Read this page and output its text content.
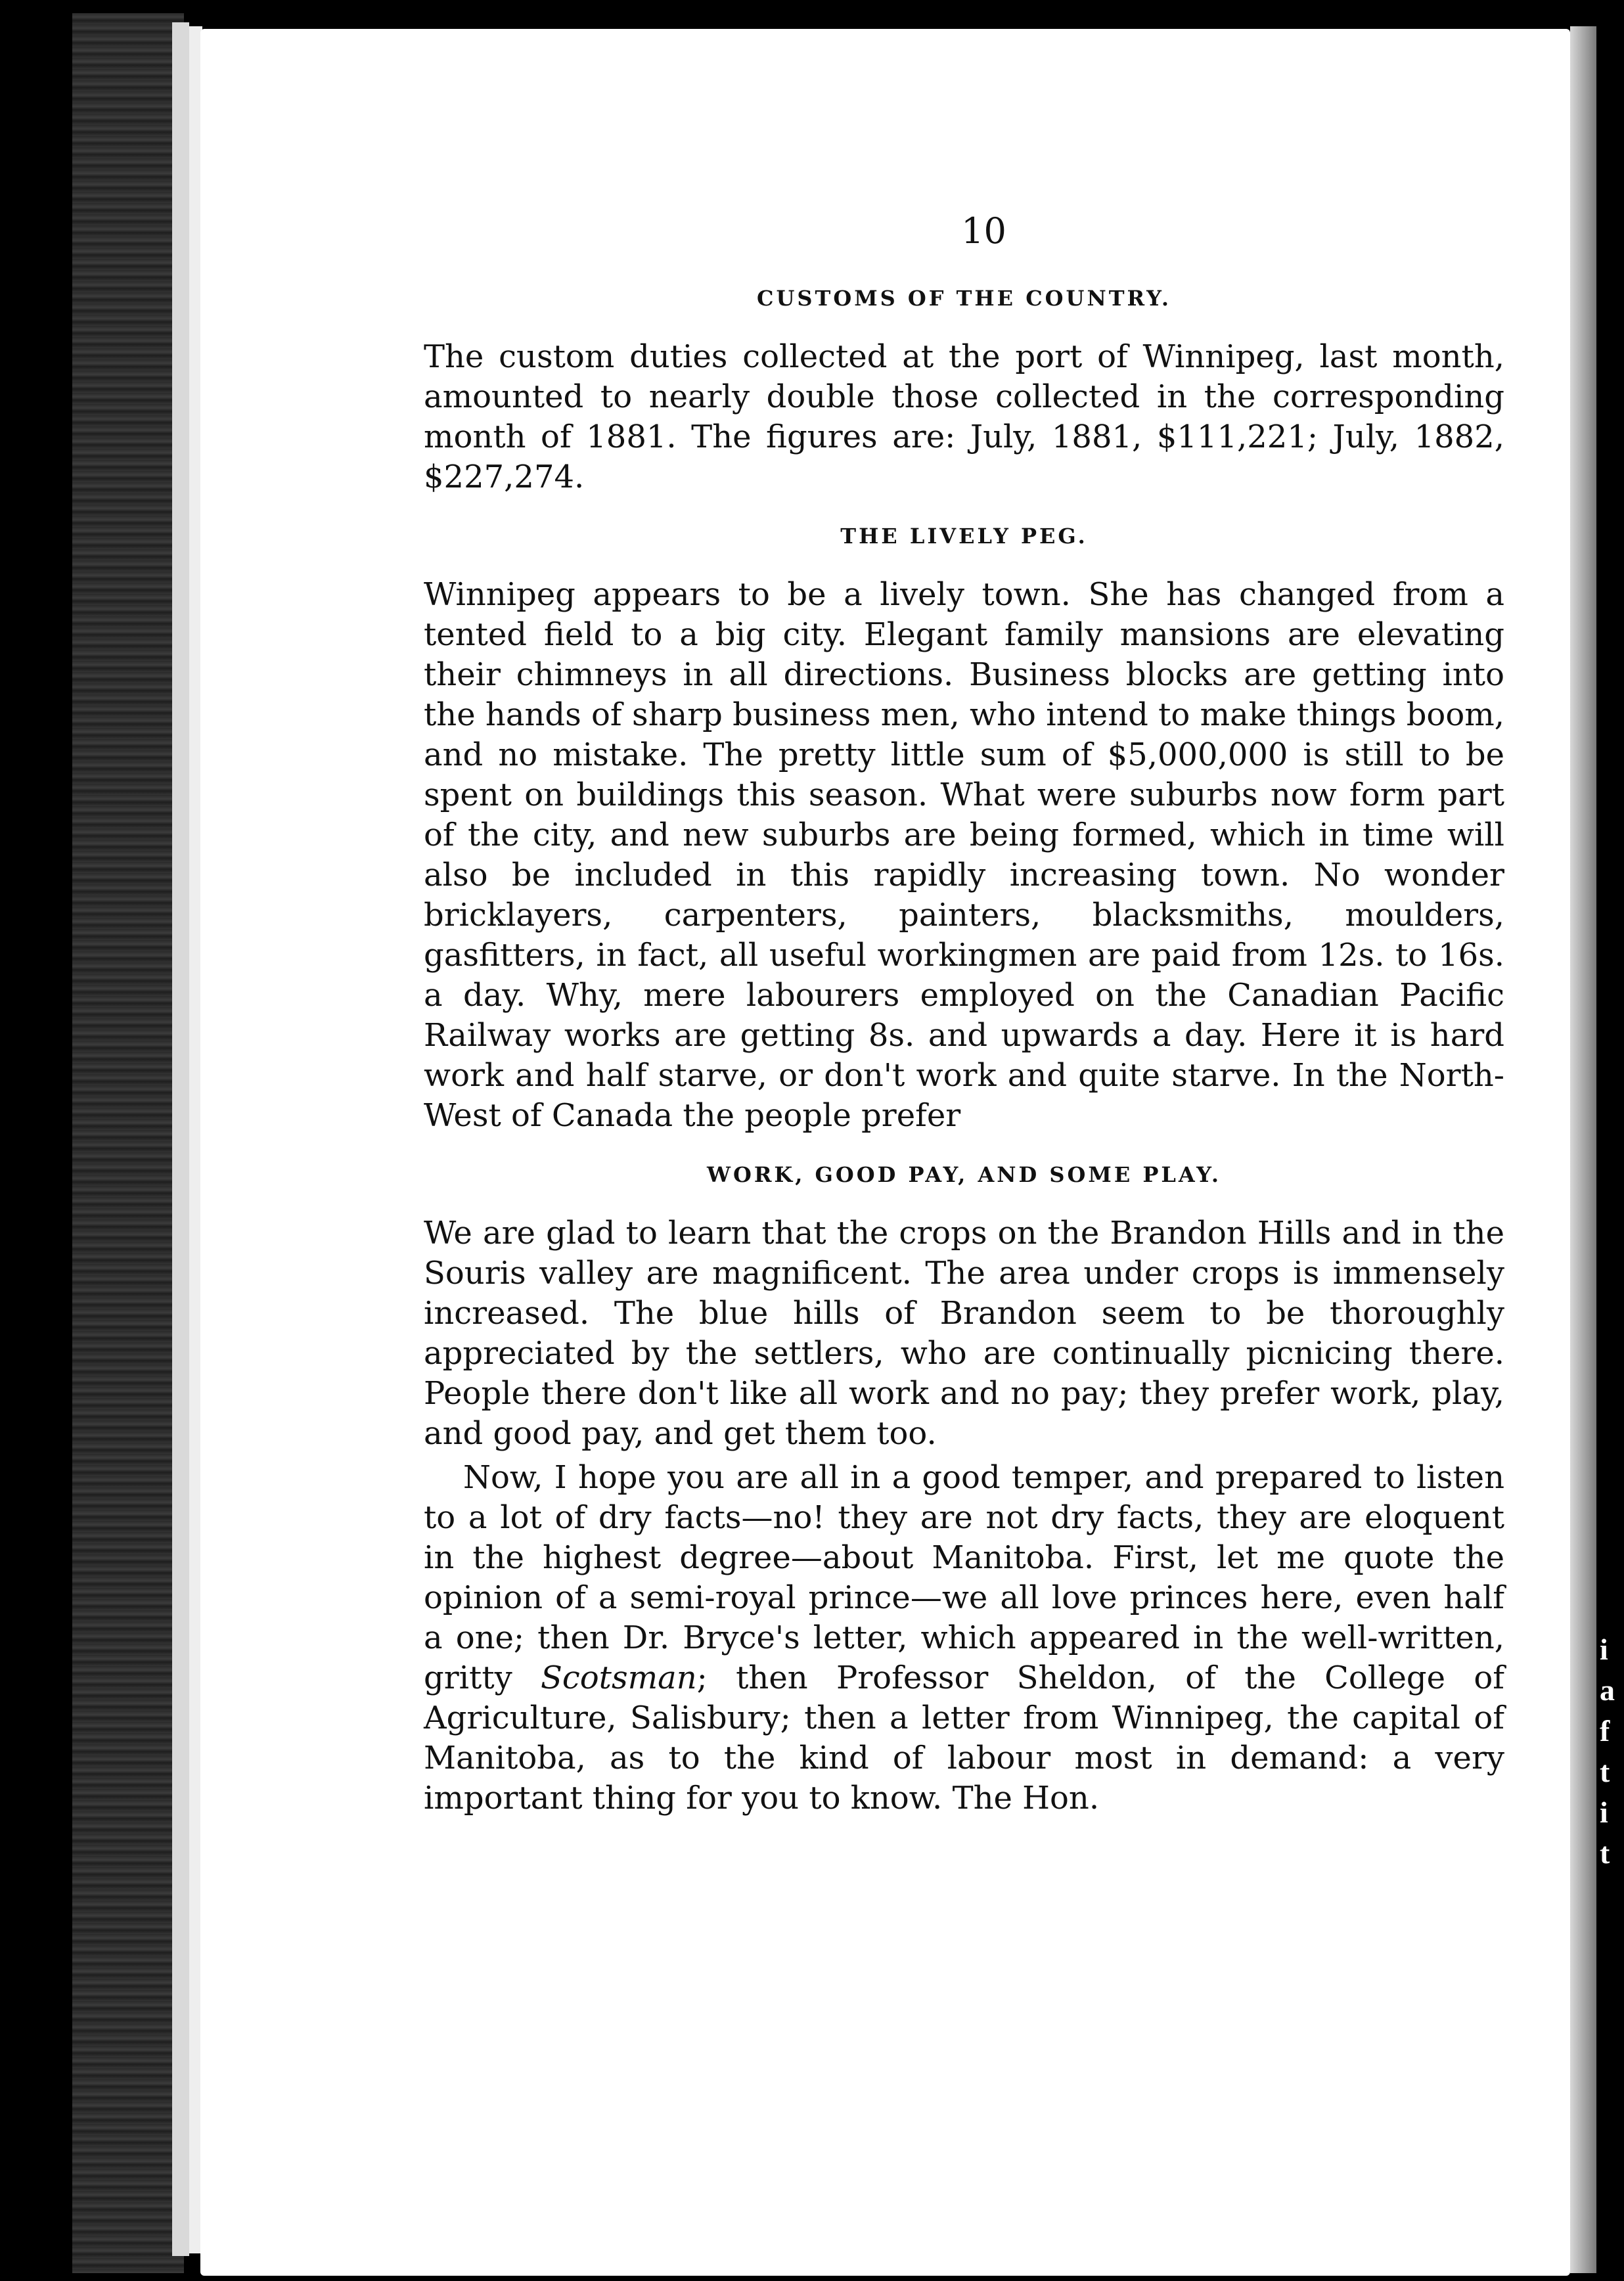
i
a
f
t
i
t
10
CUSTOMS OF THE COUNTRY.

The custom duties collected at the port of Winnipeg, last month, amounted to nearly double those collected in the corresponding month of 1881. The figures are: July, 1881, $111,221; July, 1882, $227,274.

THE LIVELY PEG.

Winnipeg appears to be a lively town. She has changed from a tented field to a big city. Elegant family mansions are elevating their chimneys in all directions. Business blocks are getting into the hands of sharp business men, who intend to make things boom, and no mistake. The pretty little sum of $5,000,000 is still to be spent on buildings this season. What were suburbs now form part of the city, and new suburbs are being formed, which in time will also be included in this rapidly increasing town. No wonder bricklayers, carpenters, painters, blacksmiths, moulders, gasfitters, in fact, all useful workingmen are paid from 12s. to 16s. a day. Why, mere labourers employed on the Canadian Pacific Railway works are getting 8s. and upwards a day. Here it is hard work and half starve, or don't work and quite starve. In the North-West of Canada the people prefer

WORK, GOOD PAY, AND SOME PLAY.

We are glad to learn that the crops on the Brandon Hills and in the Souris valley are magnificent. The area under crops is immensely increased. The blue hills of Brandon seem to be thoroughly appreciated by the settlers, who are continually picnicing there. People there don't like all work and no pay; they prefer work, play, and good pay, and get them too.

Now, I hope you are all in a good temper, and prepared to listen to a lot of dry facts—no! they are not dry facts, they are eloquent in the highest degree—about Manitoba. First, let me quote the opinion of a semi-royal prince—we all love princes here, even half a one; then Dr. Bryce's letter, which appeared in the well-written, gritty Scotsman; then Professor Sheldon, of the College of Agriculture, Salisbury; then a letter from Winnipeg, the capital of Manitoba, as to the kind of labour most in demand: a very important thing for you to know. The Hon.
